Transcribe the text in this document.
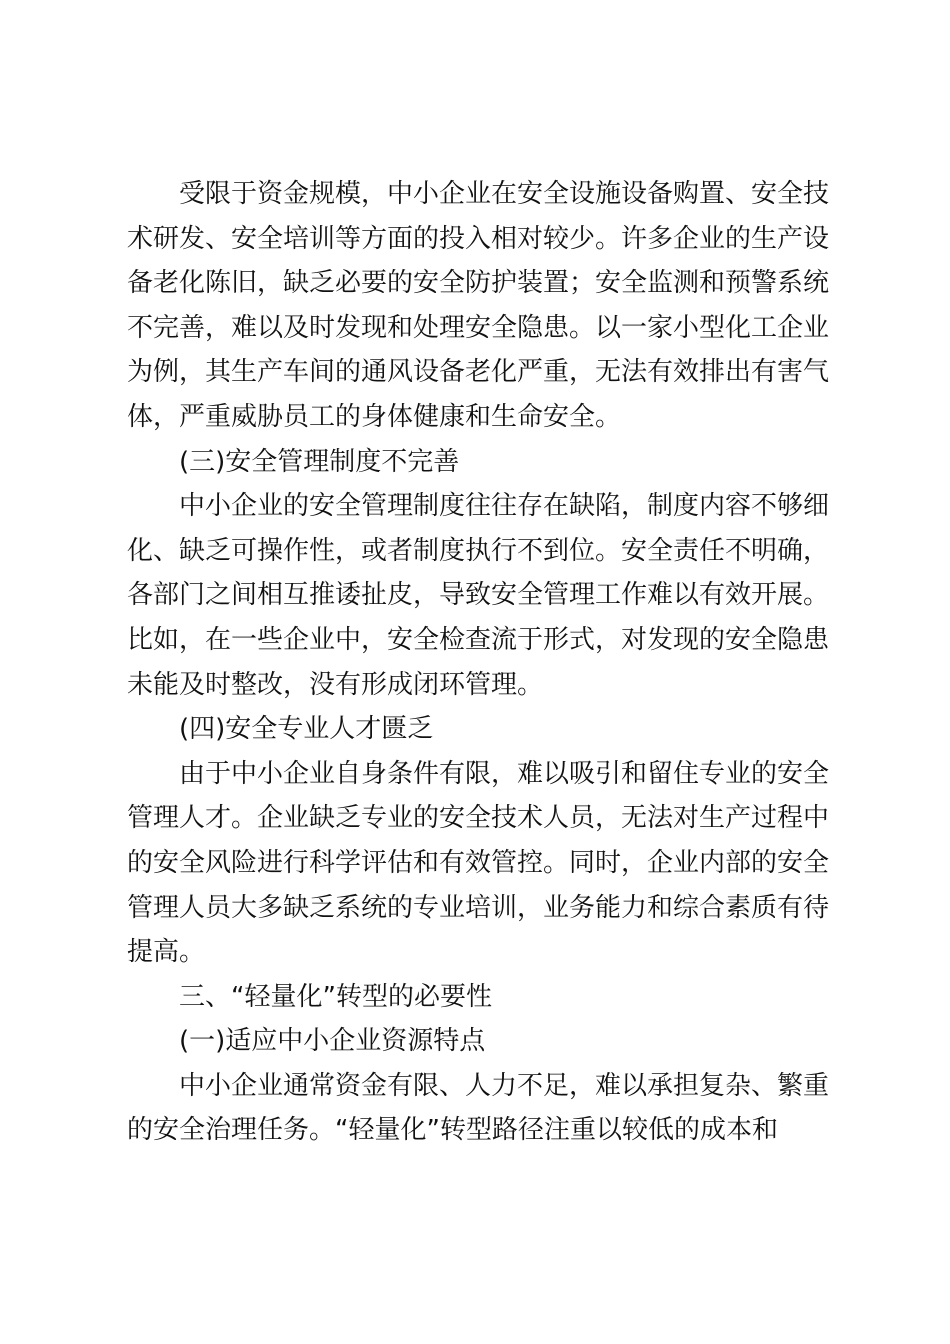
受限于资金规模，中小企业在安全设施设备购置、安全技
术研发、安全培训等方面的投入相对较少。许多企业的生产设
备老化陈旧，缺乏必要的安全防护装置；安全监测和预警系统
不完善，难以及时发现和处理安全隐患。以一家小型化工企业
为例，其生产车间的通风设备老化严重，无法有效排出有害气
体，严重威胁员工的身体健康和生命安全。
(三)安全管理制度不完善
中小企业的安全管理制度往往存在缺陷，制度内容不够细
化、缺乏可操作性，或者制度执行不到位。安全责任不明确，
各部门之间相互推诿扯皮，导致安全管理工作难以有效开展。
比如，在一些企业中，安全检查流于形式，对发现的安全隐患
未能及时整改，没有形成闭环管理。
(四)安全专业人才匮乏
由于中小企业自身条件有限，难以吸引和留住专业的安全
管理人才。企业缺乏专业的安全技术人员，无法对生产过程中
的安全风险进行科学评估和有效管控。同时，企业内部的安全
管理人员大多缺乏系统的专业培训，业务能力和综合素质有待
提高。
三、“轻量化”转型的必要性
(一)适应中小企业资源特点
中小企业通常资金有限、人力不足，难以承担复杂、繁重
的安全治理任务。“轻量化”转型路径注重以较低的成本和
